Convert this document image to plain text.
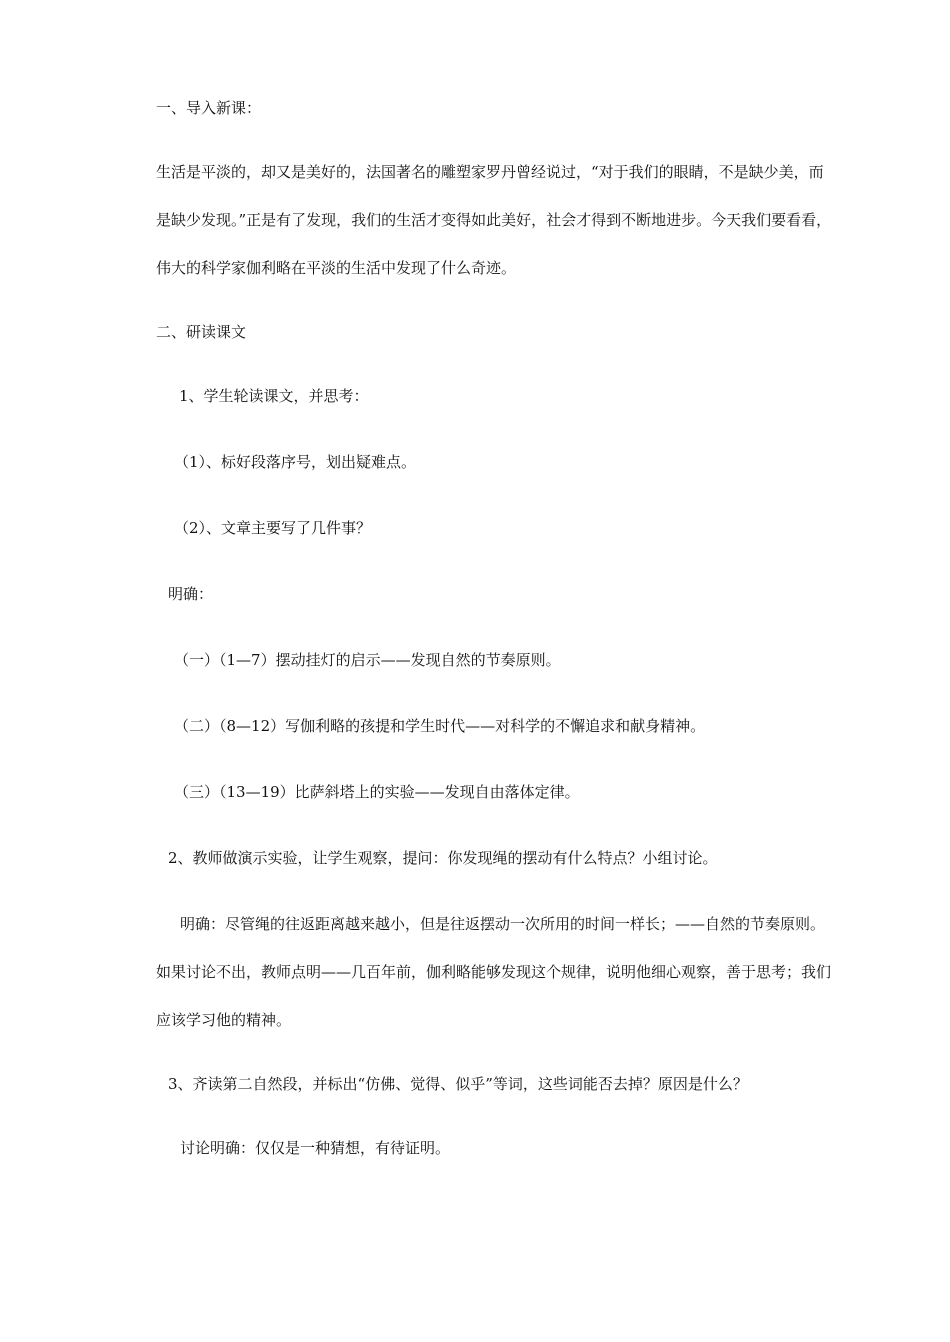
一、导入新课：
生活是平淡的，却又是美好的，法国著名的雕塑家罗丹曾经说过，“对于我们的眼睛，不是缺少美，而
是缺少发现。”正是有了发现，我们的生活才变得如此美好，社会才得到不断地进步。今天我们要看看，
伟大的科学家伽利略在平淡的生活中发现了什么奇迹。
二、研读课文
1、学生轮读课文，并思考：
（1）、标好段落序号，划出疑难点。
（2）、文章主要写了几件事？
明确：
（一）（1—7）摆动挂灯的启示——发现自然的节奏原则。
（二）（8—12）写伽利略的孩提和学生时代——对科学的不懈追求和献身精神。
（三）（13—19）比萨斜塔上的实验——发现自由落体定律。
2、教师做演示实验，让学生观察，提问：你发现绳的摆动有什么特点？小组讨论。
明确：尽管绳的往返距离越来越小，但是往返摆动一次所用的时间一样长；——自然的节奏原则。
如果讨论不出，教师点明——几百年前，伽利略能够发现这个规律，说明他细心观察，善于思考；我们
应该学习他的精神。
3、齐读第二自然段，并标出“仿佛、觉得、似乎”等词，这些词能否去掉？原因是什么？
讨论明确：仅仅是一种猜想，有待证明。
